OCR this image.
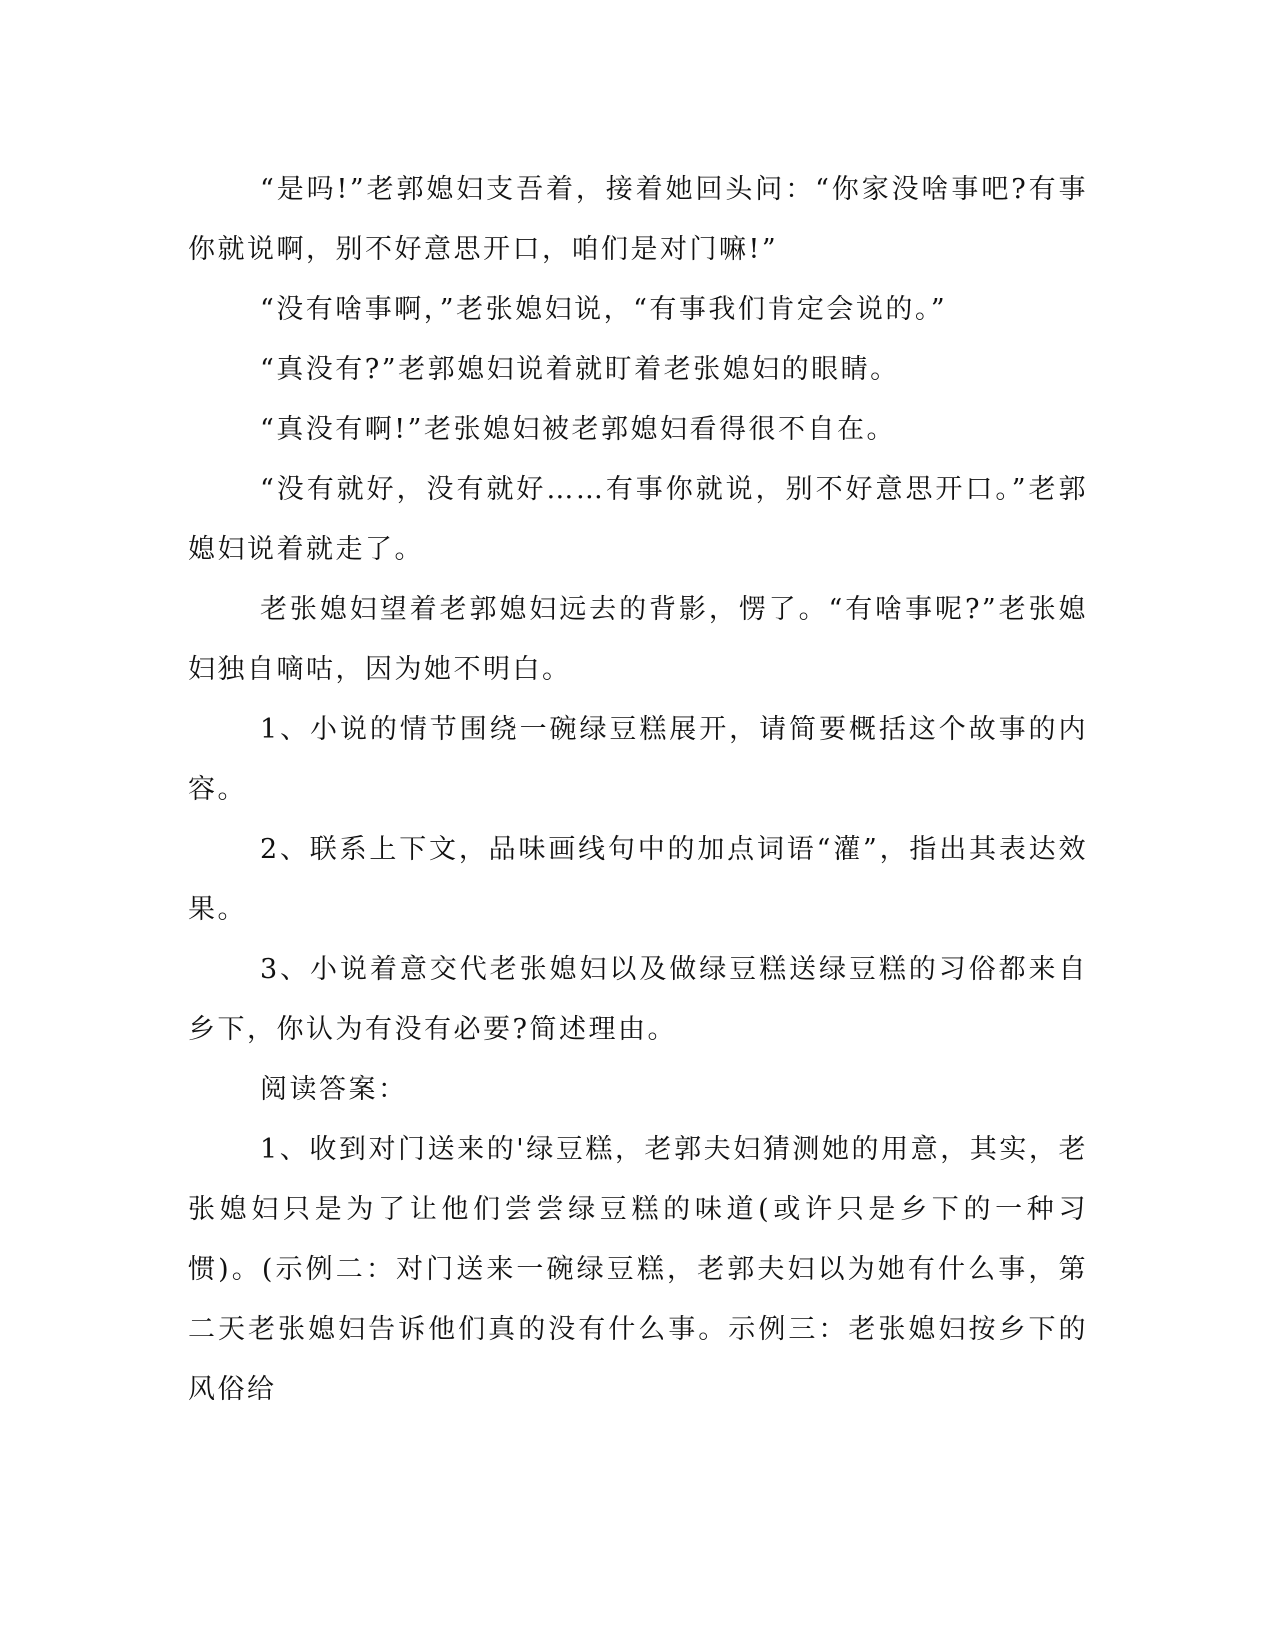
“是吗!”老郭媳妇支吾着，接着她回头问：“你家没啥事吧?有事你就说啊，别不好意思开口，咱们是对门嘛!”

“没有啥事啊，”老张媳妇说，“有事我们肯定会说的。”

“真没有?”老郭媳妇说着就盯着老张媳妇的眼睛。

“真没有啊!”老张媳妇被老郭媳妇看得很不自在。

“没有就好，没有就好……有事你就说，别不好意思开口。”老郭媳妇说着就走了。

老张媳妇望着老郭媳妇远去的背影，愣了。“有啥事呢?”老张媳妇独自嘀咕，因为她不明白。

1、小说的情节围绕一碗绿豆糕展开，请简要概括这个故事的内容。

2、联系上下文，品味画线句中的加点词语“灌”，指出其表达效果。

3、小说着意交代老张媳妇以及做绿豆糕送绿豆糕的习俗都来自乡下，你认为有没有必要?简述理由。

阅读答案：

1、收到对门送来的'绿豆糕，老郭夫妇猜测她的用意，其实，老张媳妇只是为了让他们尝尝绿豆糕的味道(或许只是乡下的一种习惯)。(示例二：对门送来一碗绿豆糕，老郭夫妇以为她有什么事，第二天老张媳妇告诉他们真的没有什么事。示例三：老张媳妇按乡下的风俗给
